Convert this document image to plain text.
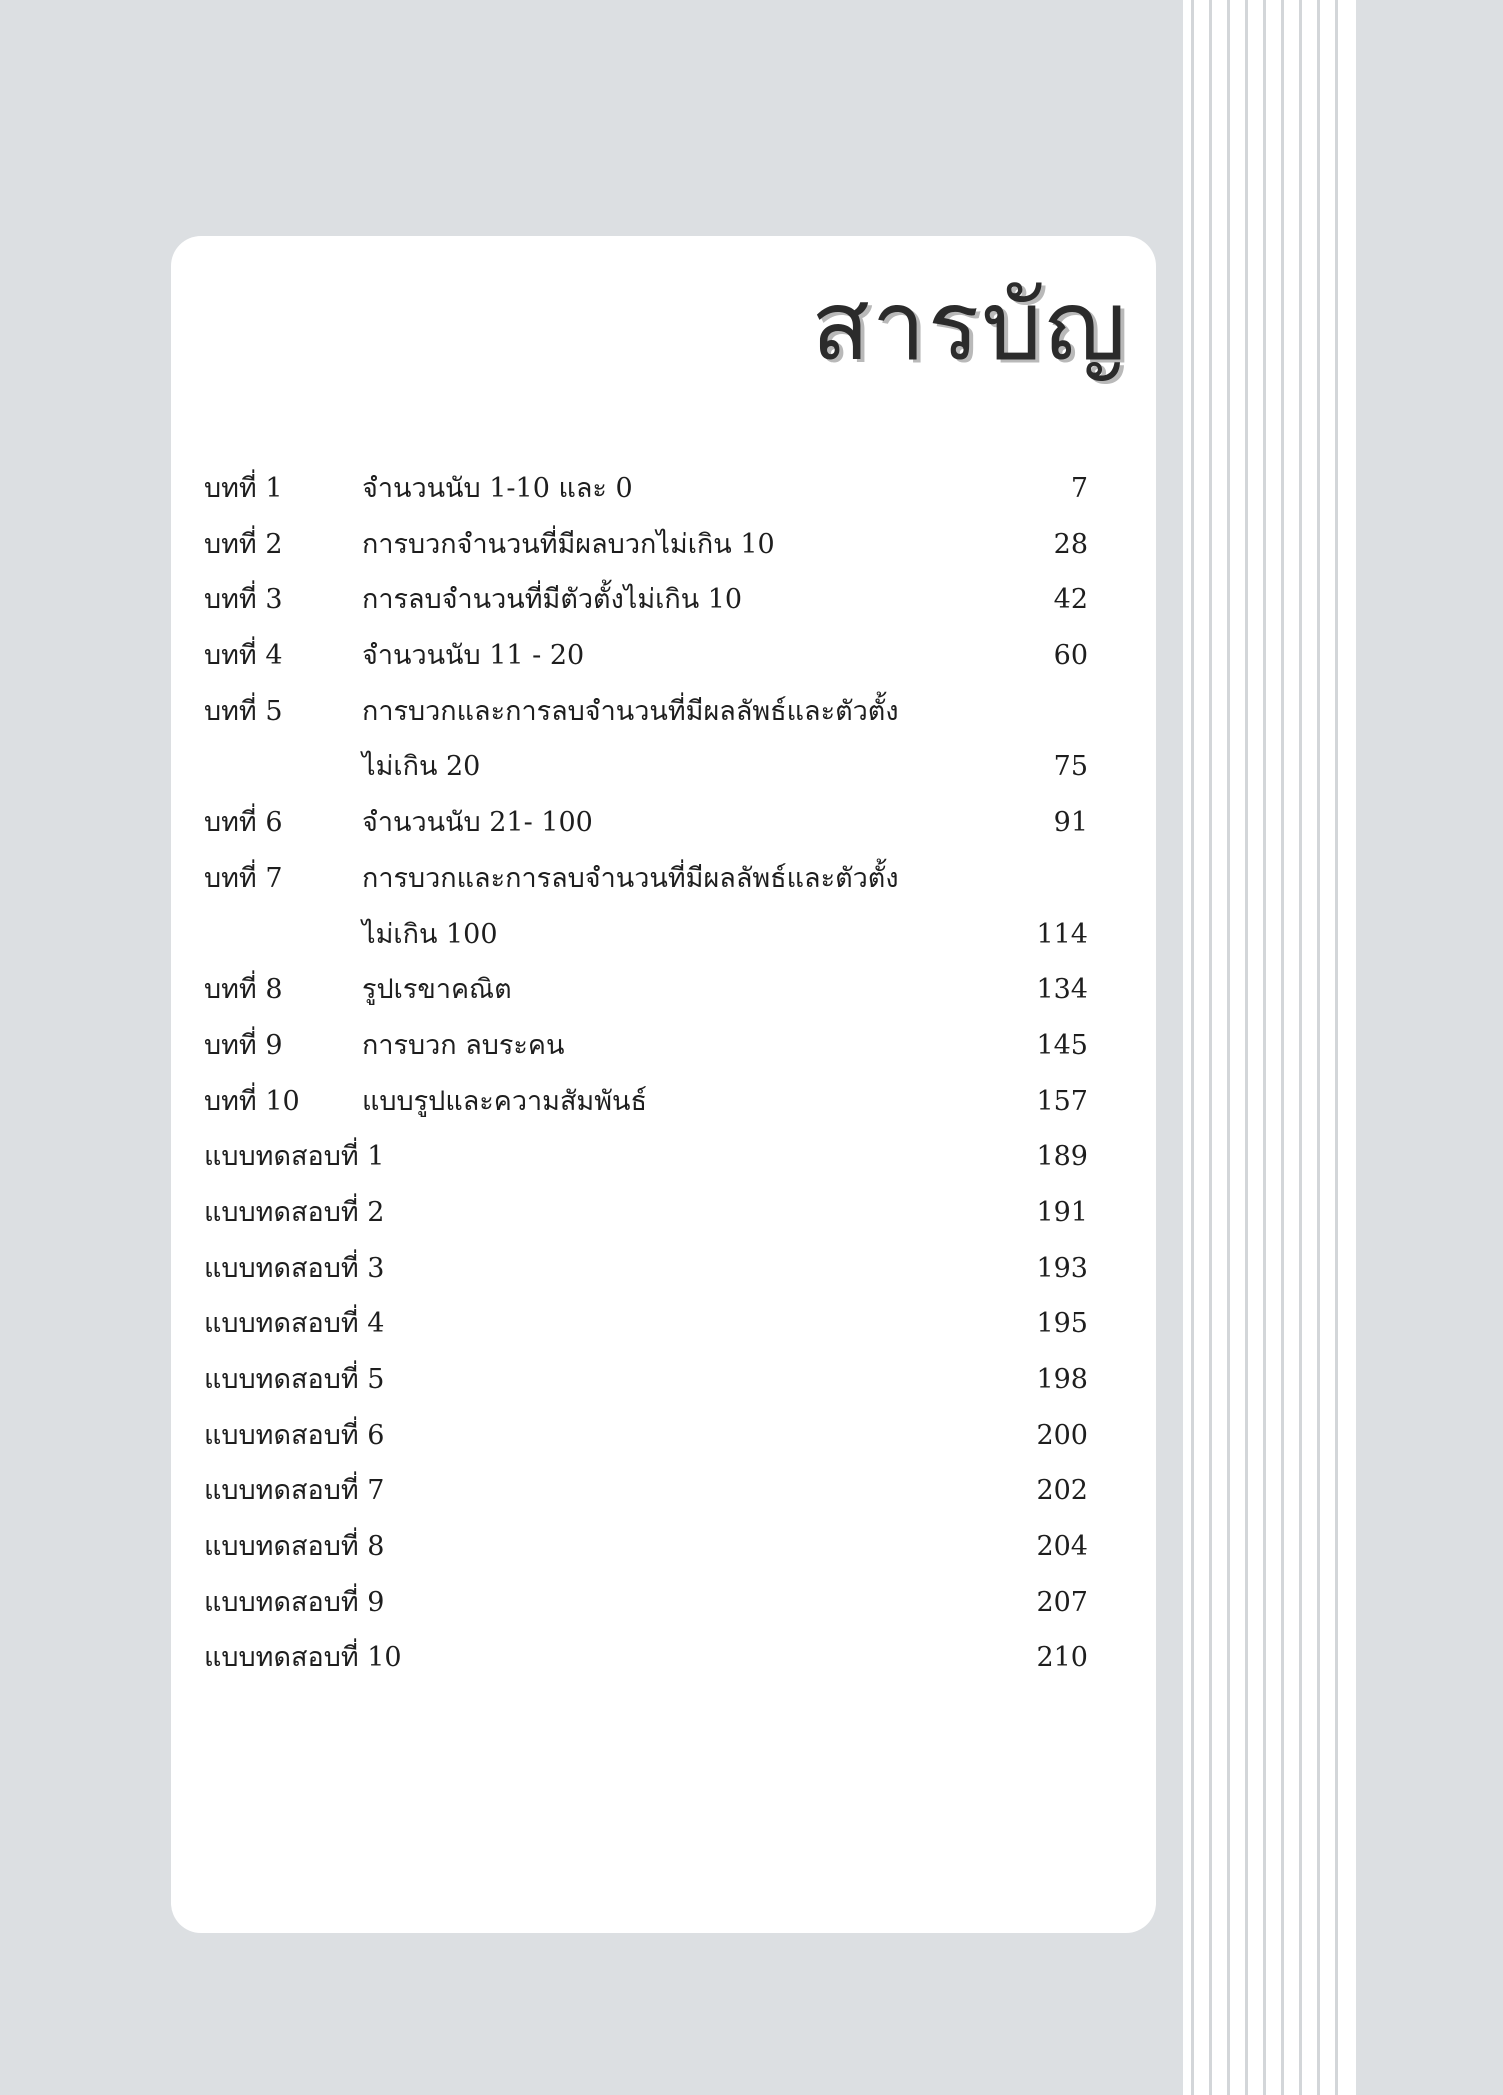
สารบัญ
บทที่ 1	จำนวนนับ 1-10 และ 0	7
บทที่ 2	การบวกจำนวนที่มีผลบวกไม่เกิน 10	28
บทที่ 3	การลบจำนวนที่มีตัวตั้งไม่เกิน 10	42
บทที่ 4	จำนวนนับ 11 - 20	60
บทที่ 5	การบวกและการลบจำนวนที่มีผลลัพธ์และตัวตั้ง
ไม่เกิน 20	75
บทที่ 6	จำนวนนับ 21- 100	91
บทที่ 7	การบวกและการลบจำนวนที่มีผลลัพธ์และตัวตั้ง
ไม่เกิน 100	114
บทที่ 8	รูปเรขาคณิต	134
บทที่ 9	การบวก ลบระคน	145
บทที่ 10 แบบรูปและความสัมพันธ์	157
แบบทดสอบที่ 1	189
แบบทดสอบที่ 2	191
แบบทดสอบที่ 3	193
แบบทดสอบที่ 4	195
แบบทดสอบที่ 5	198
แบบทดสอบที่ 6	200
แบบทดสอบที่ 7	202
แบบทดสอบที่ 8	204
แบบทดสอบที่ 9	207
แบบทดสอบที่ 10	210
